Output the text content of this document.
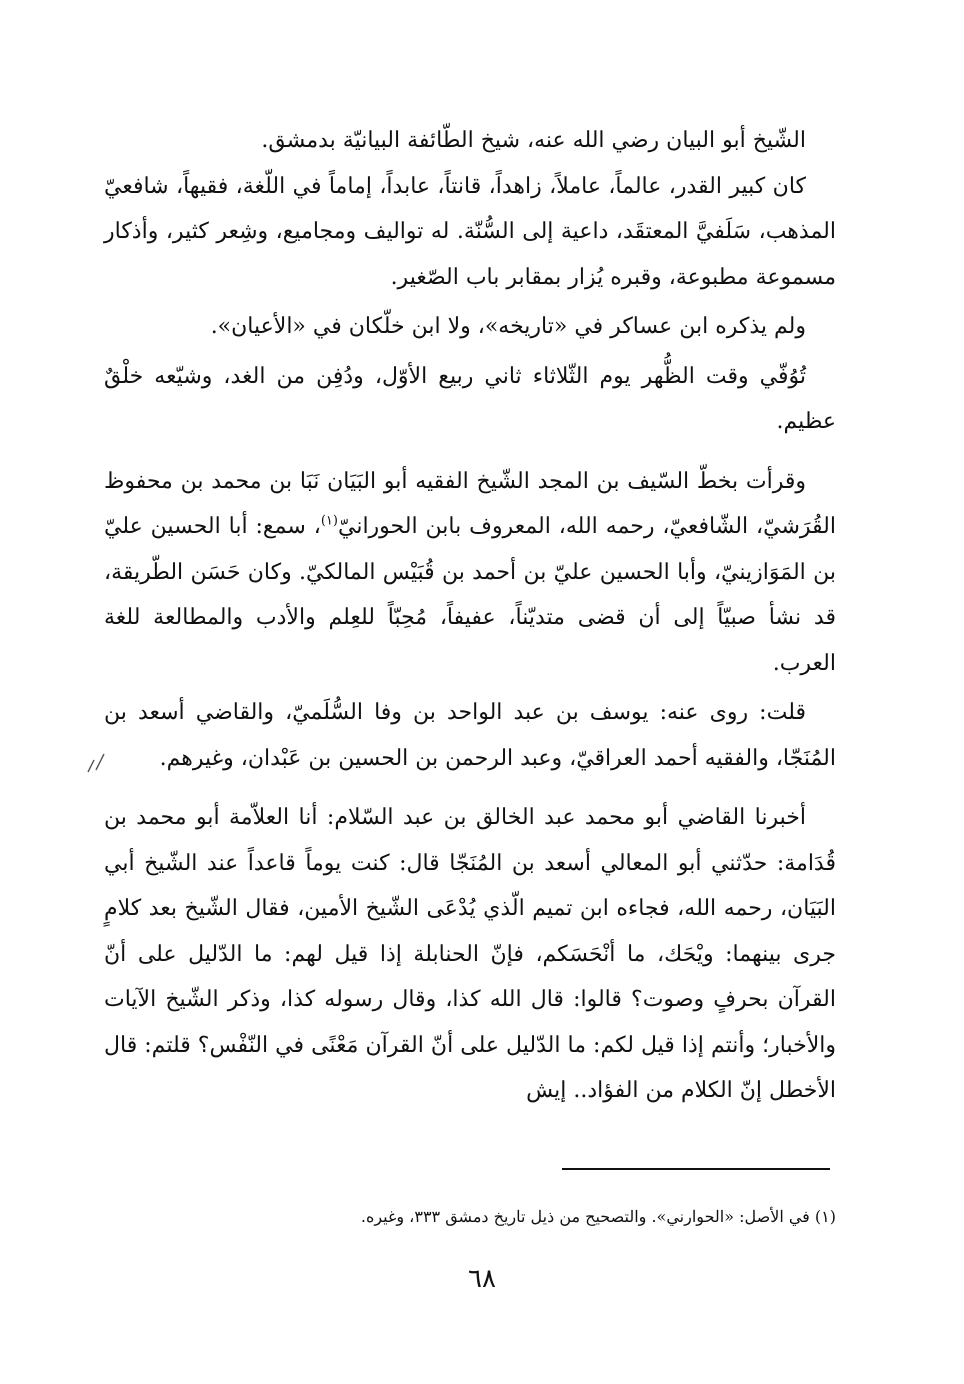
الشّيخ أبو البيان رضي الله عنه، شيخ الطّائفة البيانيّة بدمشق.

كان كبير القدر، عالماً، عاملاً، زاهداً، قانتاً، عابداً، إماماً في اللّغة، فقيهاً، شافعيّ المذهب، سَلَفيَّ المعتقَد، داعية إلى السُّنّة. له تواليف ومجاميع، وشِعر كثير، وأذكار مسموعة مطبوعة، وقبره يُزار بمقابر باب الصّغير.

ولم يذكره ابن عساكر في «تاريخه»، ولا ابن خلّكان في «الأعيان».

تُوُفّي وقت الظُّهر يوم الثّلاثاء ثاني ربيع الأوّل، ودُفِن من الغد، وشيّعه خلْقٌ عظيم.

وقرأت بخطّ السّيف بن المجد الشّيخ الفقيه أبو البَيَان نَبَا بن محمد بن محفوظ القُرَشيّ، الشّافعيّ، رحمه الله، المعروف بابن الحورانيّ$^{(١)}$، سمع: أبا الحسين عليّ بن المَوَازينيّ، وأبا الحسين عليّ بن أحمد بن قُبَيْس المالكيّ. وكان حَسَن الطّريقة، قد نشأ صبيّاً إلى أن قضى متديّناً، عفيفاً، مُحِبّاً للعِلم والأدب والمطالعة للغة العرب.

قلت: روى عنه: يوسف بن عبد الواحد بن وفا السُّلَميّ، والقاضي أسعد بن المُنَجّا، والفقيه أحمد العراقيّ، وعبد الرحمن بن الحسين بن عَبْدان، وغيرهم.

أخبرنا القاضي أبو محمد عبد الخالق بن عبد السّلام: أنا العلاّمة أبو محمد بن قُدَامة: حدّثني أبو المعالي أسعد بن المُنَجّا قال: كنت يوماً قاعداً عند الشّيخ أبي البَيَان، رحمه الله، فجاءه ابن تميم الّذي يُدْعَى الشّيخ الأمين، فقال الشّيخ بعد كلامٍ جرى بينهما: ويْحَك، ما أنْحَسَكم، فإنّ الحنابلة إذا قيل لهم: ما الدّليل على أنّ القرآن بحرفٍ وصوت؟ قالوا: قال الله كذا، وقال رسوله كذا، وذكر الشّيخ الآيات والأخبار؛ وأنتم إذا قيل لكم: ما الدّليل على أنّ القرآن مَعْنًى في النّفْس؟ قلتم: قال الأخطل إنّ الكلام من الفؤاد.. إيش

(١) في الأصل: «الحوارني». والتصحيح من ذيل تاريخ دمشق ٣٣٣، وغيره.
٦٨
